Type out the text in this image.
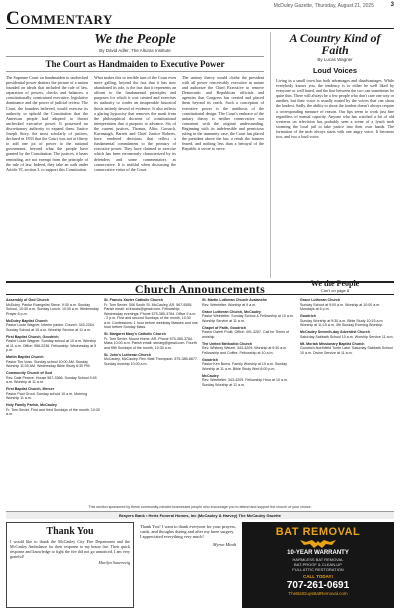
McDuley Gazette, Thursday, August 21, 2025	3
Commentary
We the People
By David Adler, The Alturas Institute
The Court as Handmaiden to Executive Power
The Supreme Court on handmaiden to unchecked presidential power shatters the picture of a nation founded on ideals that included the rule of law, separation of powers, checks and balances, a constitutionally constrained executive, legislative dominance and the power of judicial review. The Court, the founders believed, would exercise its authority to uphold the Constitution that the American people had adopted to thwart unchecked executive power. It possessed no discretionary authority to expand them. Justice Joseph Story, the most scholarly of justices, declared in 1833 that the Court was not at liberty to add one jot of power to the national government, beyond what the people have granted by the Constitution. The justices, it bears reminding, are not exempt from the principle of the rule of law. Indeed, they take an oath under Article VI, section 3, to support this Constitution.
What makes this so terrible turn of the Court even more galling, beyond the fact that it has now abandoned its role, is the fact that it represents an affront to the fundamental principles and purposes for which it was created and exercises its authority to confer an insuperable historical thesis entirely devoid of evidence. It also reflects a glaring hypocrisy that removes the mask from the philosophical doctrine of constitutional interpretation that it purports to advance. Six of the current justices, Thomas, Alito, Gorsuch, Kavanaugh, Barrett and Chief Justice Roberts, have rendered decisions that reflect a fundamental commitment to the primacy of executive power. They have claimed to exercise which has been erroneously characterized by its defenders and some commentators as conservative. It is truthful when discussing the conservative virtue of the Court.
The unitary theory would clothe the president with all power conceivably executive in nature and authorize the Chief Executive to remove Democratic and Republican officials and agencies that Congress has created and placed them beyond its reach. Such a conception of executive power is the antithesis of the constitutional design. The Court's embrace of the unitary theory is neither conservative nor consistent with the original understanding. Beginning with its indefensible and pernicious ruling in the immunity case, the Court has placed the president above the law, a result the framers feared, and nothing less than a betrayal of the Republic it swore to serve.
A Country Kind of Faith
By Lucas Wagner
Loud Voices
Living in a small town has both advantages and disadvantages. While everybody knows you, the tendency is to either be well liked by everyone or well hated, and the line between the two can sometimes be quite thin. There will always be a few people who don't care one way or another, but their voice is usually muted by the voices that can shout the loudest. Sadly, the ability to shout the loudest doesn't always require a corresponding measure of reason. Our lips seem to work just fine regardless of mental capacity. Anyone who has watched a bit of old westerns on television has probably seen a scene of a lynch mob storming the local jail to take justice into their own hands. The formation of the mob always starts with one angry voice. It becomes two, and two a loud voice.
We the People
Con't on page 8
Church Announcements
Assembly of God Church
McDuley. Pastor Evangelist Steve. 9:30 a.m. Sunday School, 10:30 a.m. Sunday Lunch. 10:30 a.m. Wednesday Prayer 6 p.m.
McDuley Baptist Church
Pastor Louie Wagner, interim pastor. Church: 343-2264. Sunday School at 10 a.m. Worship Service at 11 a.m.
First Baptist Church, Goodrich
Pastor Louie Wagner. Sunday school at 10 a.m. Worship at 11 a.m. Office: 956-2236. Fellowship: Wednesday at 5 p.m.
Martin Baptist Church
Pastor Tim Voss. Sunday school 10:00 AM. Sunday Worship 11:00 AM. Wednesday Bible Study 6:30 PM.
Community Church of God
Rev. Dale Pearce. House 567-3366. Sunday School 9:45 a.m. Worship at 11 a.m.
First Baptist Church, Mercer
Pastor Paul Grout. Sunday school 10 a.m. Morning Worship 11 a.m.
Holy Family Parish, McCauley
Fr. Tom Sevier. First and third Sundays of the month, 10:30 a.m.
St. Francis Xavier Catholic Church
Fr. Tom Sevier. 506 South St. McCauley, AR. 567-5555. Parish email: st.francis@gmail.com. Fellowship: Wednesday evenings. Phone 575-385-3784. Office 9 a.m. - 2 p.m. First and second Sundays of the month, 10:30 a.m. Confessions: 1 hour before weekday Masses and one hour before Sunday Mass.
St. Margaret Mary's Catholic Church
Fr. Tom Sevier. Mount Home, AR. Phone 575-385-3784. Mass 10:00 a.m. Parish email: stmarg@gmail.com. Fourth and fifth Sundays of the month, 10:30 a.m.
St. John's Lutheran Church
McCauley, McCauley. Rev. Matt Thompson. 575-385-6677. Sunday worship 10:00 a.m.
St. Martin Lutheran Church Avalanche
Rev. Weinfelter. Worship at 9 a.m.
Grace Lutheran Church, McCauley
Pastor Weinfelter. Sunday School & Fellowship at 10 a.m. Worship Service at 11 a.m.
Chapel of Faith, Goodrich
Pastor Darrel Pruitt. Office: 491-3267. Call for Times of worship.
The United Methodist Church
Rev. Whitney Wetzel. 343-4209. Worship at 9:30 a.m. Fellowship and Coffee. Fellowship at 10 a.m.
Goodrich
Pastor Ken Burns. Family Worship at 10 a.m. Sunday Worship at 11 a.m. Bible Study Wed 6:00 p.m.
McCauley
Rev. Weinfelter. 343-4209. Fellowship Hour at 10 a.m. Sunday Worship at 11 a.m.
Grace Lutheran Church
Sunday School at 9:00 a.m. Worship at 10:00 a.m. Mondays at 6 p.m.
Goodrich
Sunday Worship at 9:30 a.m. Bible Study 10:15 a.m. Worship at 11:15 a.m. 4th Sunday Evening Worship.
McCauley Seventh-day Adventist Church
Saturday Sabbath School 10 a.m. Worship Service 11 a.m.
Mt. Moriah Missionary Baptist Church
Goodrich-Northfield Turtle Lake. Saturday Sabbath School 10 a.m. Divine Service at 11 a.m.
This section sponsored by these community-minded businesses people who encourage you to attend and support the church of your choice.
Brayers Bank • Hertz Funeral Homes, Inc (McCauley & Harvey) The McCauley Gazette
Thank You
I would like to thank the McCauley City Fire Department and the McCauley Ambulance for their response to my house fire. Their quick response and knowledge to fight the fire did not go unnoticed. I am very grateful!
Marilyn Sauerweig
Thank You! I want to thank everyone for your prayers, cards, and thoughts during and after my knee surgery. I appreciated everything very much!
Myron Mindt
BAT REMOVAL
10-YEAR WARRANTY
HARMLESS BAT REMOVAL
BAT-PROOF & CLEAN-UP
FULL ATTIC RESTORATION
CALL TODAY!
707-261-0691
TheBatGuysBatRemoval.com
